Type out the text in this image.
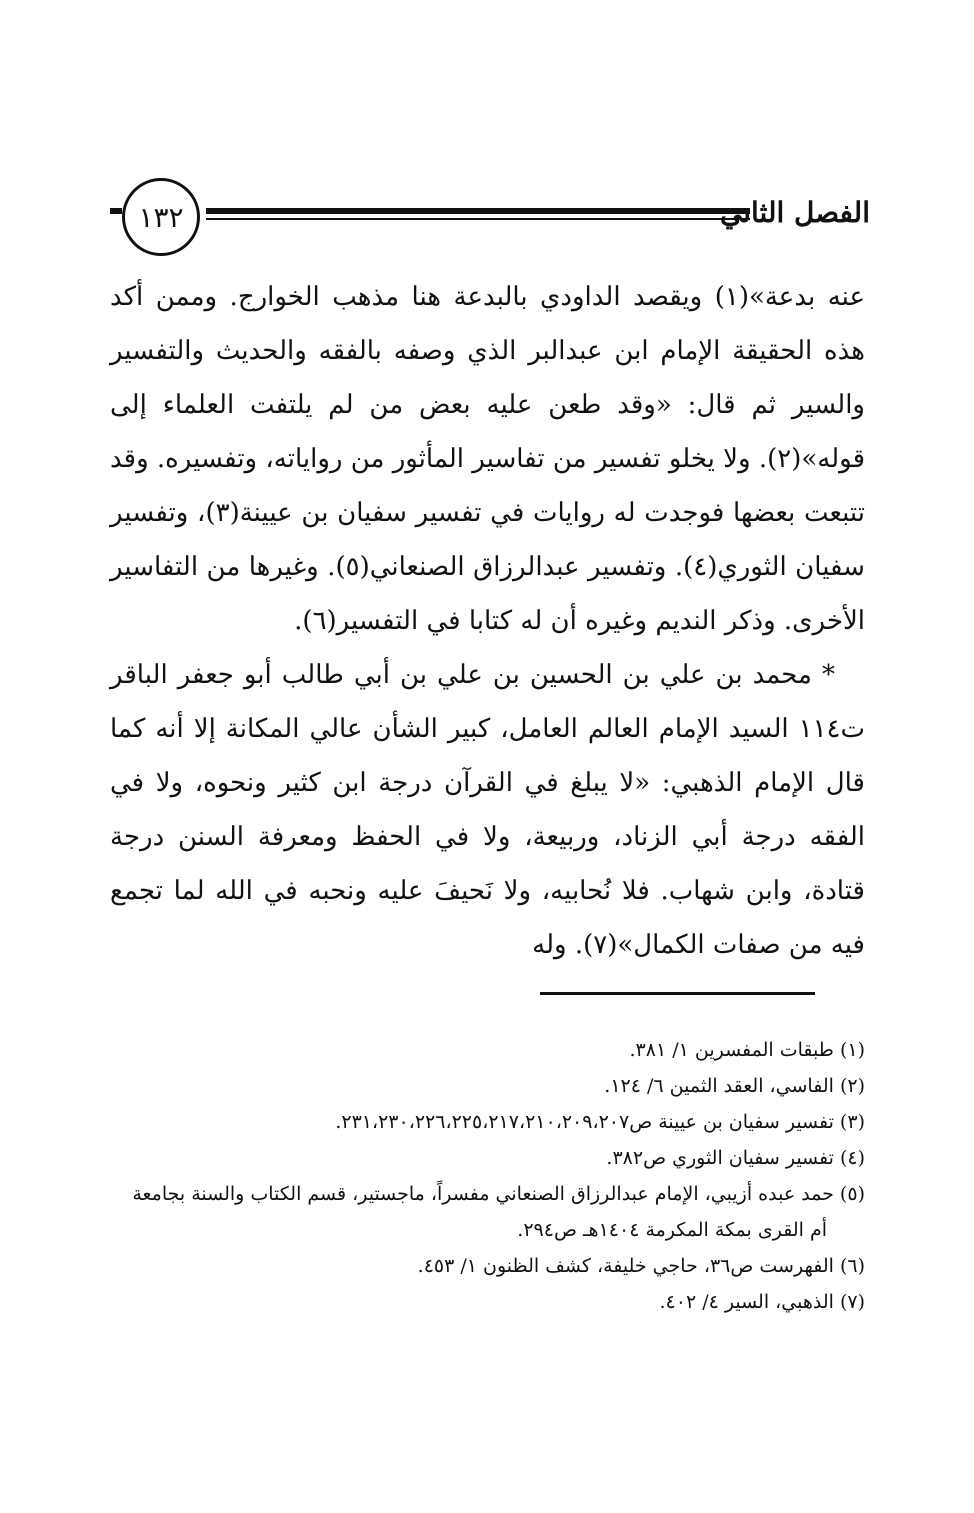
١٣٢	الفصل الثاني

عنه بدعة»(١) ويقصد الداودي بالبدعة هنا مذهب الخوارج. وممن أكد هذه الحقيقة الإمام ابن عبدالبر الذي وصفه بالفقه والحديث والتفسير والسير ثم قال: «وقد طعن عليه بعض من لم يلتفت العلماء إلى قوله»(٢). ولا يخلو تفسير من تفاسير المأثور من رواياته، وتفسيره. وقد تتبعت بعضها فوجدت له روايات في تفسير سفيان بن عيينة(٣)، وتفسير سفيان الثوري(٤). وتفسير عبدالرزاق الصنعاني(٥). وغيرها من التفاسير الأخرى. وذكر النديم وغيره أن له كتابا في التفسير(٦).

* محمد بن علي بن الحسين بن علي بن أبي طالب أبو جعفر الباقر ت١١٤ السيد الإمام العالم العامل، كبير الشأن عالي المكانة إلا أنه كما قال الإمام الذهبي: «لا يبلغ في القرآن درجة ابن كثير ونحوه، ولا في الفقه درجة أبي الزناد، وربيعة، ولا في الحفظ ومعرفة السنن درجة قتادة، وابن شهاب. فلا نُحابيه، ولا نَحيفَ عليه ونحبه في الله لما تجمع فيه من صفات الكمال»(٧). وله

(١) طبقات المفسرين ١/ ٣٨١.

(٢) الفاسي، العقد الثمين ٦/ ١٢٤.

(٣) تفسير سفيان بن عيينة ص٢٣١،٢٣٠،٢٢٦،٢٢٥،٢١٧،٢١٠،٢٠٩،٢٠٧.

(٤) تفسير سفيان الثوري ص٣٨٢.

(٥) حمد عبده أزيبي، الإمام عبدالرزاق الصنعاني مفسراً، ماجستير، قسم الكتاب والسنة بجامعة أم القرى بمكة المكرمة ١٤٠٤هـ ص٢٩٤.

(٦) الفهرست ص٣٦، حاجي خليفة، كشف الظنون ١/ ٤٥٣.

(٧) الذهبي، السير ٤/ ٤٠٢.
